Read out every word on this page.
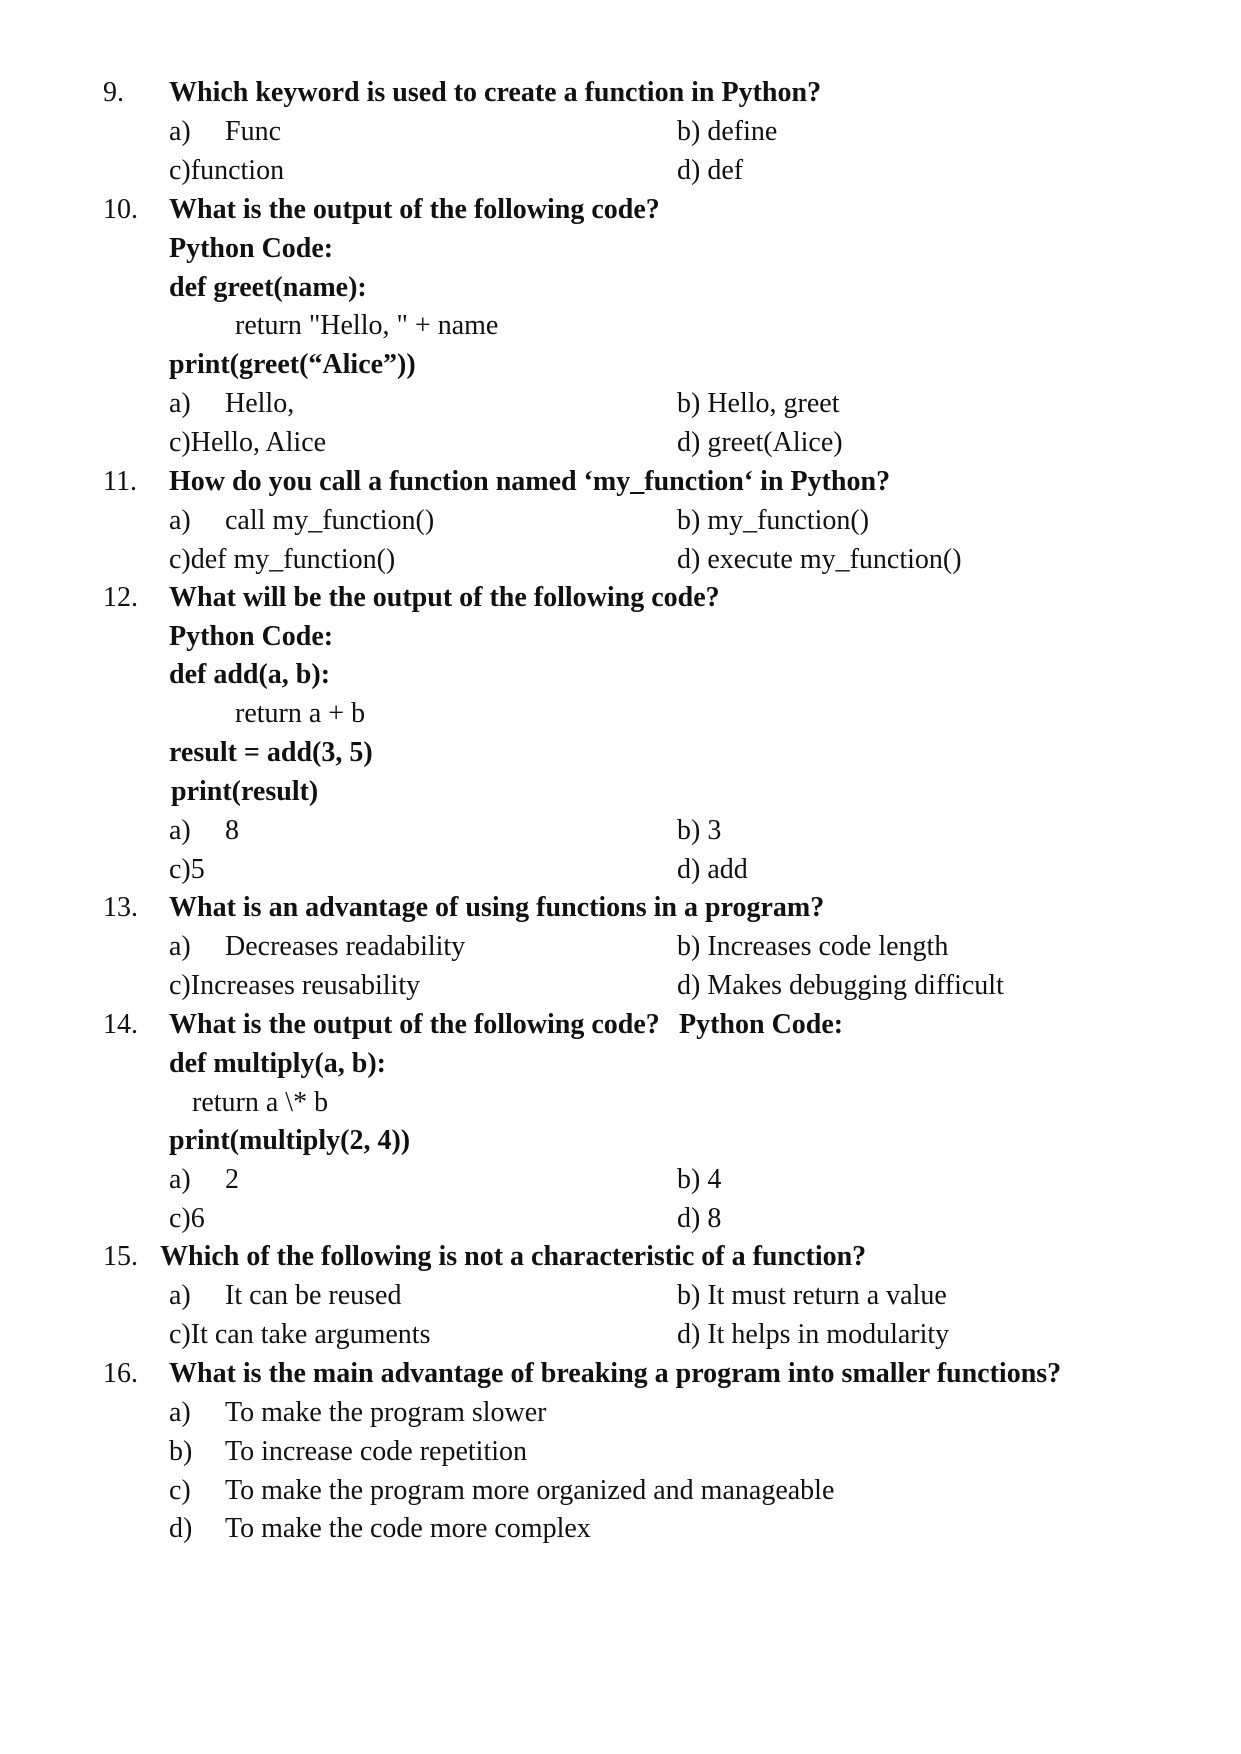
9. Which keyword is used to create a function in Python?
a) Func	b) define
c)function	d) def
10. What is the output of the following code?
Python Code:
def greet(name):
return "Hello, " + name
print(greet(“Alice”))
a) Hello,	b) Hello, greet
c)Hello, Alice	d) greet(Alice)
11. How do you call a function named ‘my_function‘ in Python?
a) call my_function()	b) my_function()
c)def my_function()	d) execute my_function()
12. What will be the output of the following code?
Python Code:
def add(a, b):
return a + b
result = add(3, 5)
print(result)
a) 8	b) 3
c)5	d) add
13. What is an advantage of using functions in a program?
a) Decreases readability	b) Increases code length
c)Increases reusability	d) Makes debugging difficult
14. What is the output of the following code? Python Code:
def multiply(a, b):
return a \* b
print(multiply(2, 4))
a) 2	b) 4
c)6	d) 8
15. Which of the following is not a characteristic of a function?
a) It can be reused	b) It must return a value
c)It can take arguments	d) It helps in modularity
16. What is the main advantage of breaking a program into smaller functions?
a) To make the program slower
b) To increase code repetition
c) To make the program more organized and manageable
d) To make the code more complex
